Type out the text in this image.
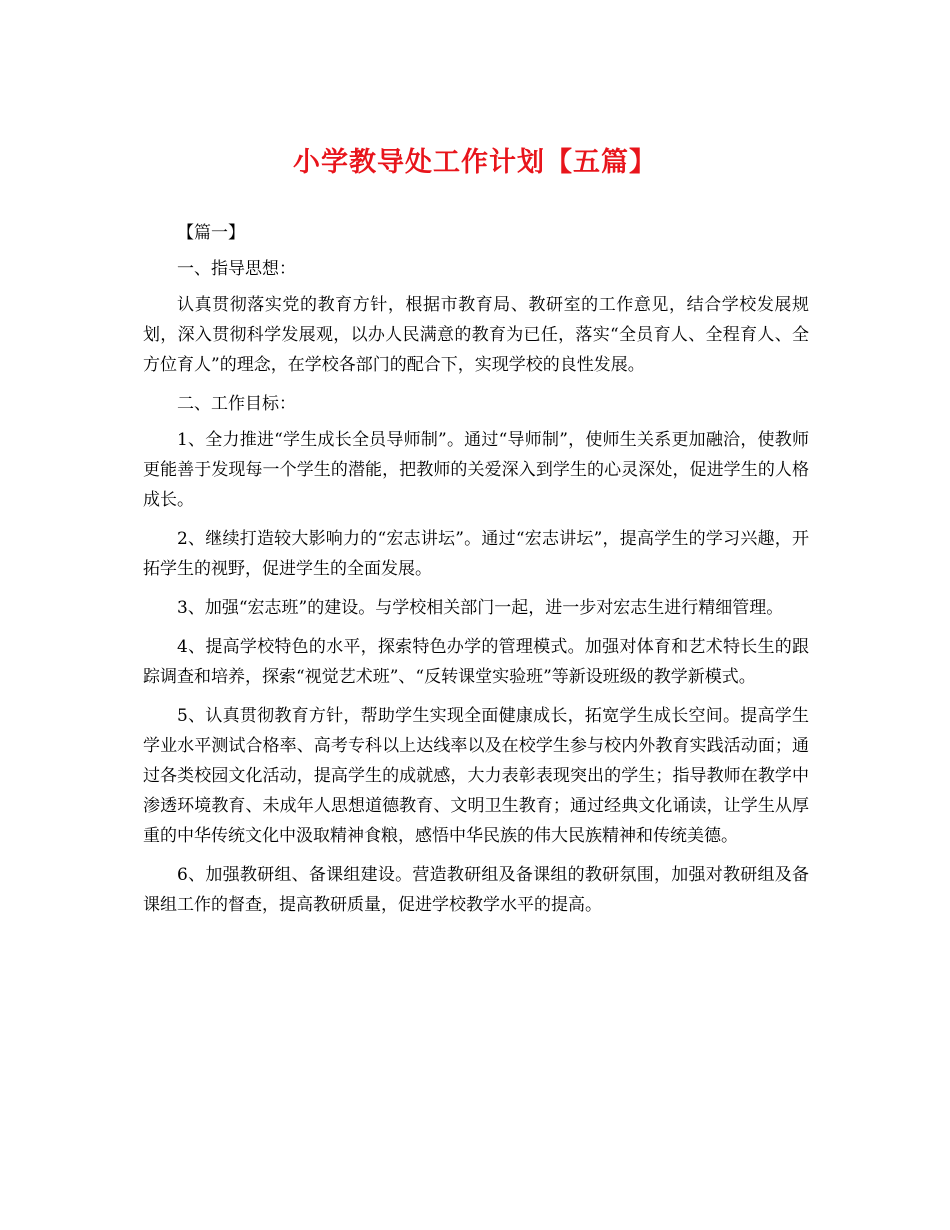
小学教导处工作计划【五篇】

【篇一】

一、指导思想：

认真贯彻落实党的教育方针，根据市教育局、教研室的工作意见，结合学校发展规划，深入贯彻科学发展观，以办人民满意的教育为已任，落实“全员育人、全程育人、全方位育人”的理念，在学校各部门的配合下，实现学校的良性发展。

二、工作目标：

1、全力推进“学生成长全员导师制”。通过“导师制”，使师生关系更加融洽，使教师更能善于发现每一个学生的潜能，把教师的关爱深入到学生的心灵深处，促进学生的人格成长。

2、继续打造较大影响力的“宏志讲坛”。通过“宏志讲坛”，提高学生的学习兴趣，开拓学生的视野，促进学生的全面发展。

3、加强“宏志班”的建设。与学校相关部门一起，进一步对宏志生进行精细管理。

4、提高学校特色的水平，探索特色办学的管理模式。加强对体育和艺术特长生的跟踪调查和培养，探索“视觉艺术班”、“反转课堂实验班”等新设班级的教学新模式。

5、认真贯彻教育方针，帮助学生实现全面健康成长，拓宽学生成长空间。提高学生学业水平测试合格率、高考专科以上达线率以及在校学生参与校内外教育实践活动面；通过各类校园文化活动，提高学生的成就感，大力表彰表现突出的学生；指导教师在教学中渗透环境教育、未成年人思想道德教育、文明卫生教育；通过经典文化诵读，让学生从厚重的中华传统文化中汲取精神食粮，感悟中华民族的伟大民族精神和传统美德。

6、加强教研组、备课组建设。营造教研组及备课组的教研氛围，加强对教研组及备课组工作的督查，提高教研质量，促进学校教学水平的提高。
